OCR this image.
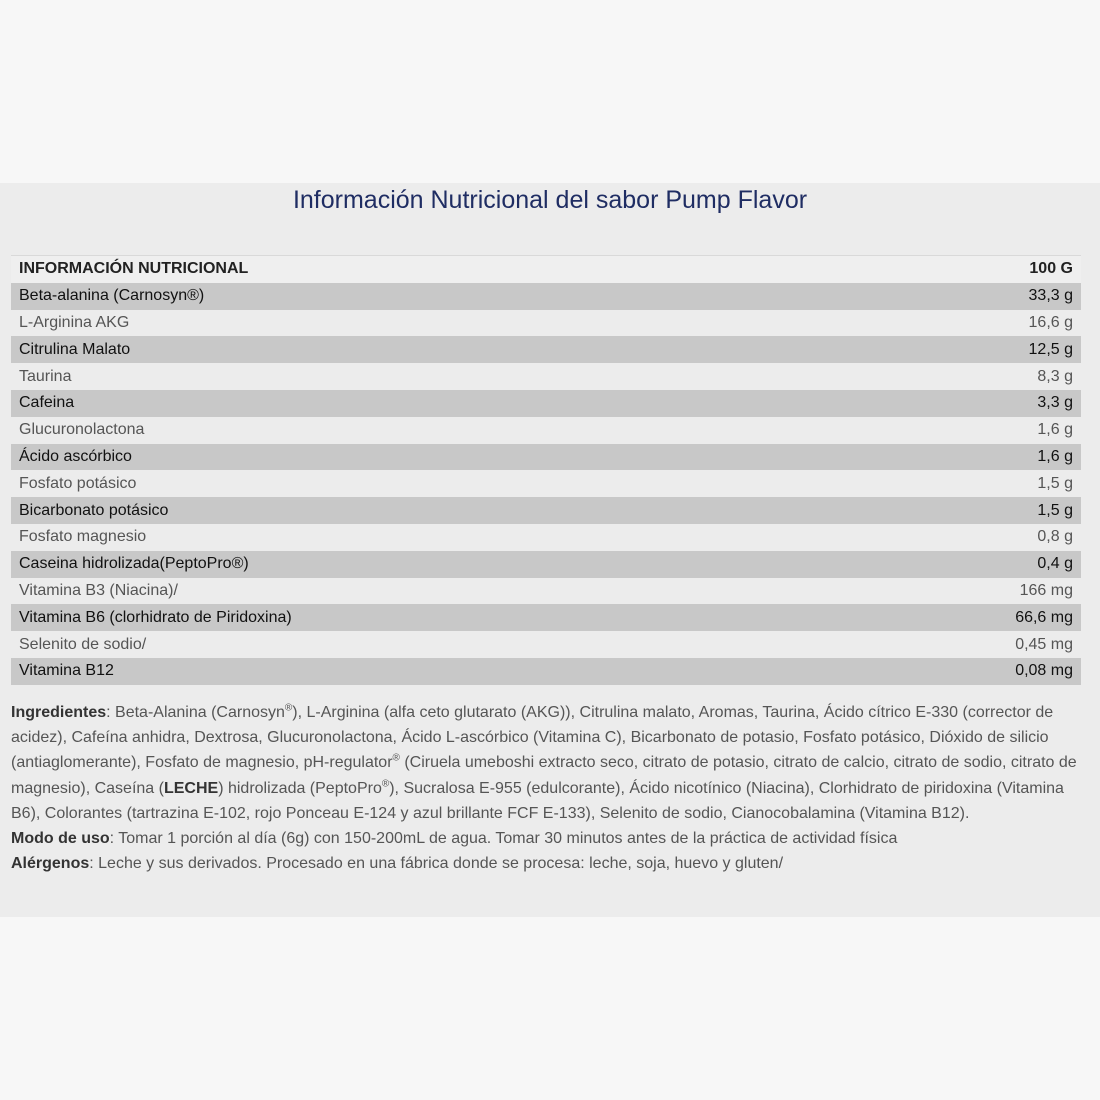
Información Nutricional del sabor Pump Flavor
INFORMACIÓN NUTRICIONAL	100 G
Beta-alanina (Carnosyn®)	33,3 g
L-Arginina AKG	16,6 g
Citrulina Malato	12,5 g
Taurina	8,3 g
Cafeina	3,3 g
Glucuronolactona	1,6 g
Ácido ascórbico	1,6 g
Fosfato potásico	1,5 g
Bicarbonato potásico	1,5 g
Fosfato magnesio	0,8 g
Caseina hidrolizada(PeptoPro®)	0,4 g
Vitamina B3 (Niacina)/	166 mg
Vitamina B6 (clorhidrato de Piridoxina)	66,6 mg
Selenito de sodio/	0,45 mg
Vitamina B12	0,08 mg

Ingredientes: Beta-Alanina (Carnosyn®), L-Arginina (alfa ceto glutarato (AKG)), Citrulina malato, Aromas, Taurina, Ácido cítrico E-330 (corrector de acidez), Cafeína anhidra, Dextrosa, Glucuronolactona, Ácido L-ascórbico (Vitamina C), Bicarbonato de potasio, Fosfato potásico, Dióxido de silicio (antiaglomerante), Fosfato de magnesio, pH-regulator® (Ciruela umeboshi extracto seco, citrato de potasio, citrato de calcio, citrato de sodio, citrato de magnesio), Caseína (LECHE) hidrolizada (PeptoPro®), Sucralosa E-955 (edulcorante), Ácido nicotínico (Niacina), Clorhidrato de piridoxina (Vitamina B6), Colorantes (tartrazina E-102, rojo Ponceau E-124 y azul brillante FCF E-133), Selenito de sodio, Cianocobalamina (Vitamina B12).

Modo de uso: Tomar 1 porción al día (6g) con 150-200mL de agua. Tomar 30 minutos antes de la práctica de actividad física

Alérgenos: Leche y sus derivados. Procesado en una fábrica donde se procesa: leche, soja, huevo y gluten/
